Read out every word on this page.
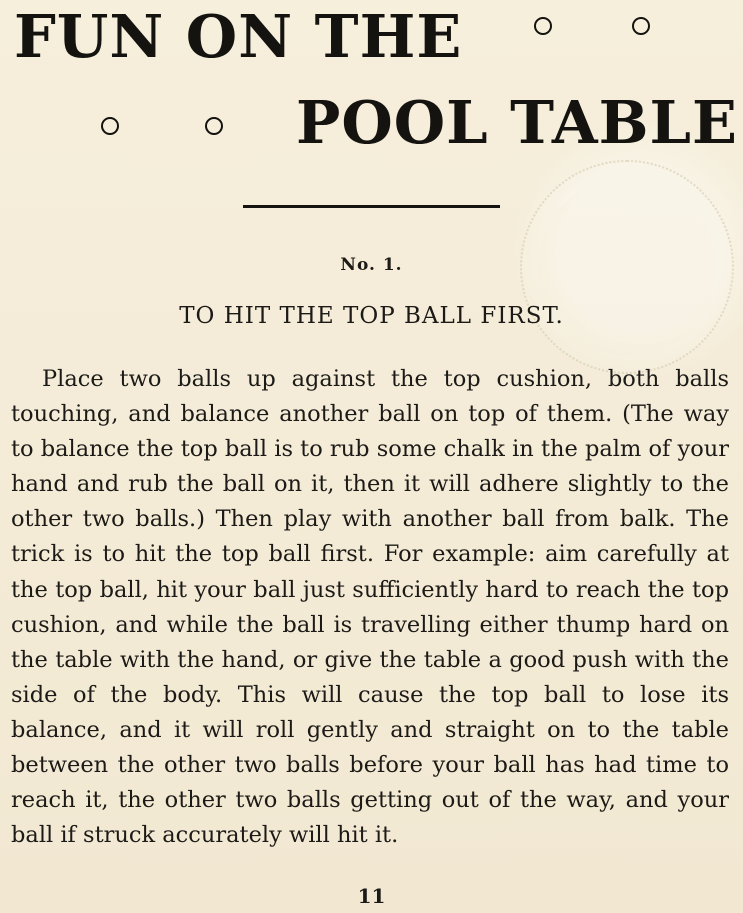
FUN ON THE
POOL TABLE
No. 1.
TO HIT THE TOP BALL FIRST.
Place two balls up against the top cushion, both balls touching, and balance another ball on top of them. (The way to balance the top ball is to rub some chalk in the palm of your hand and rub the ball on it, then it will adhere slightly to the other two balls.) Then play with another ball from balk. The trick is to hit the top ball first. For example: aim carefully at the top ball, hit your ball just sufficiently hard to reach the top cushion, and while the ball is travelling either thump hard on the table with the hand, or give the table a good push with the side of the body. This will cause the top ball to lose its balance, and it will roll gently and straight on to the table between the other two balls before your ball has had time to reach it, the other two balls getting out of the way, and your ball if struck accurately will hit it.
11
